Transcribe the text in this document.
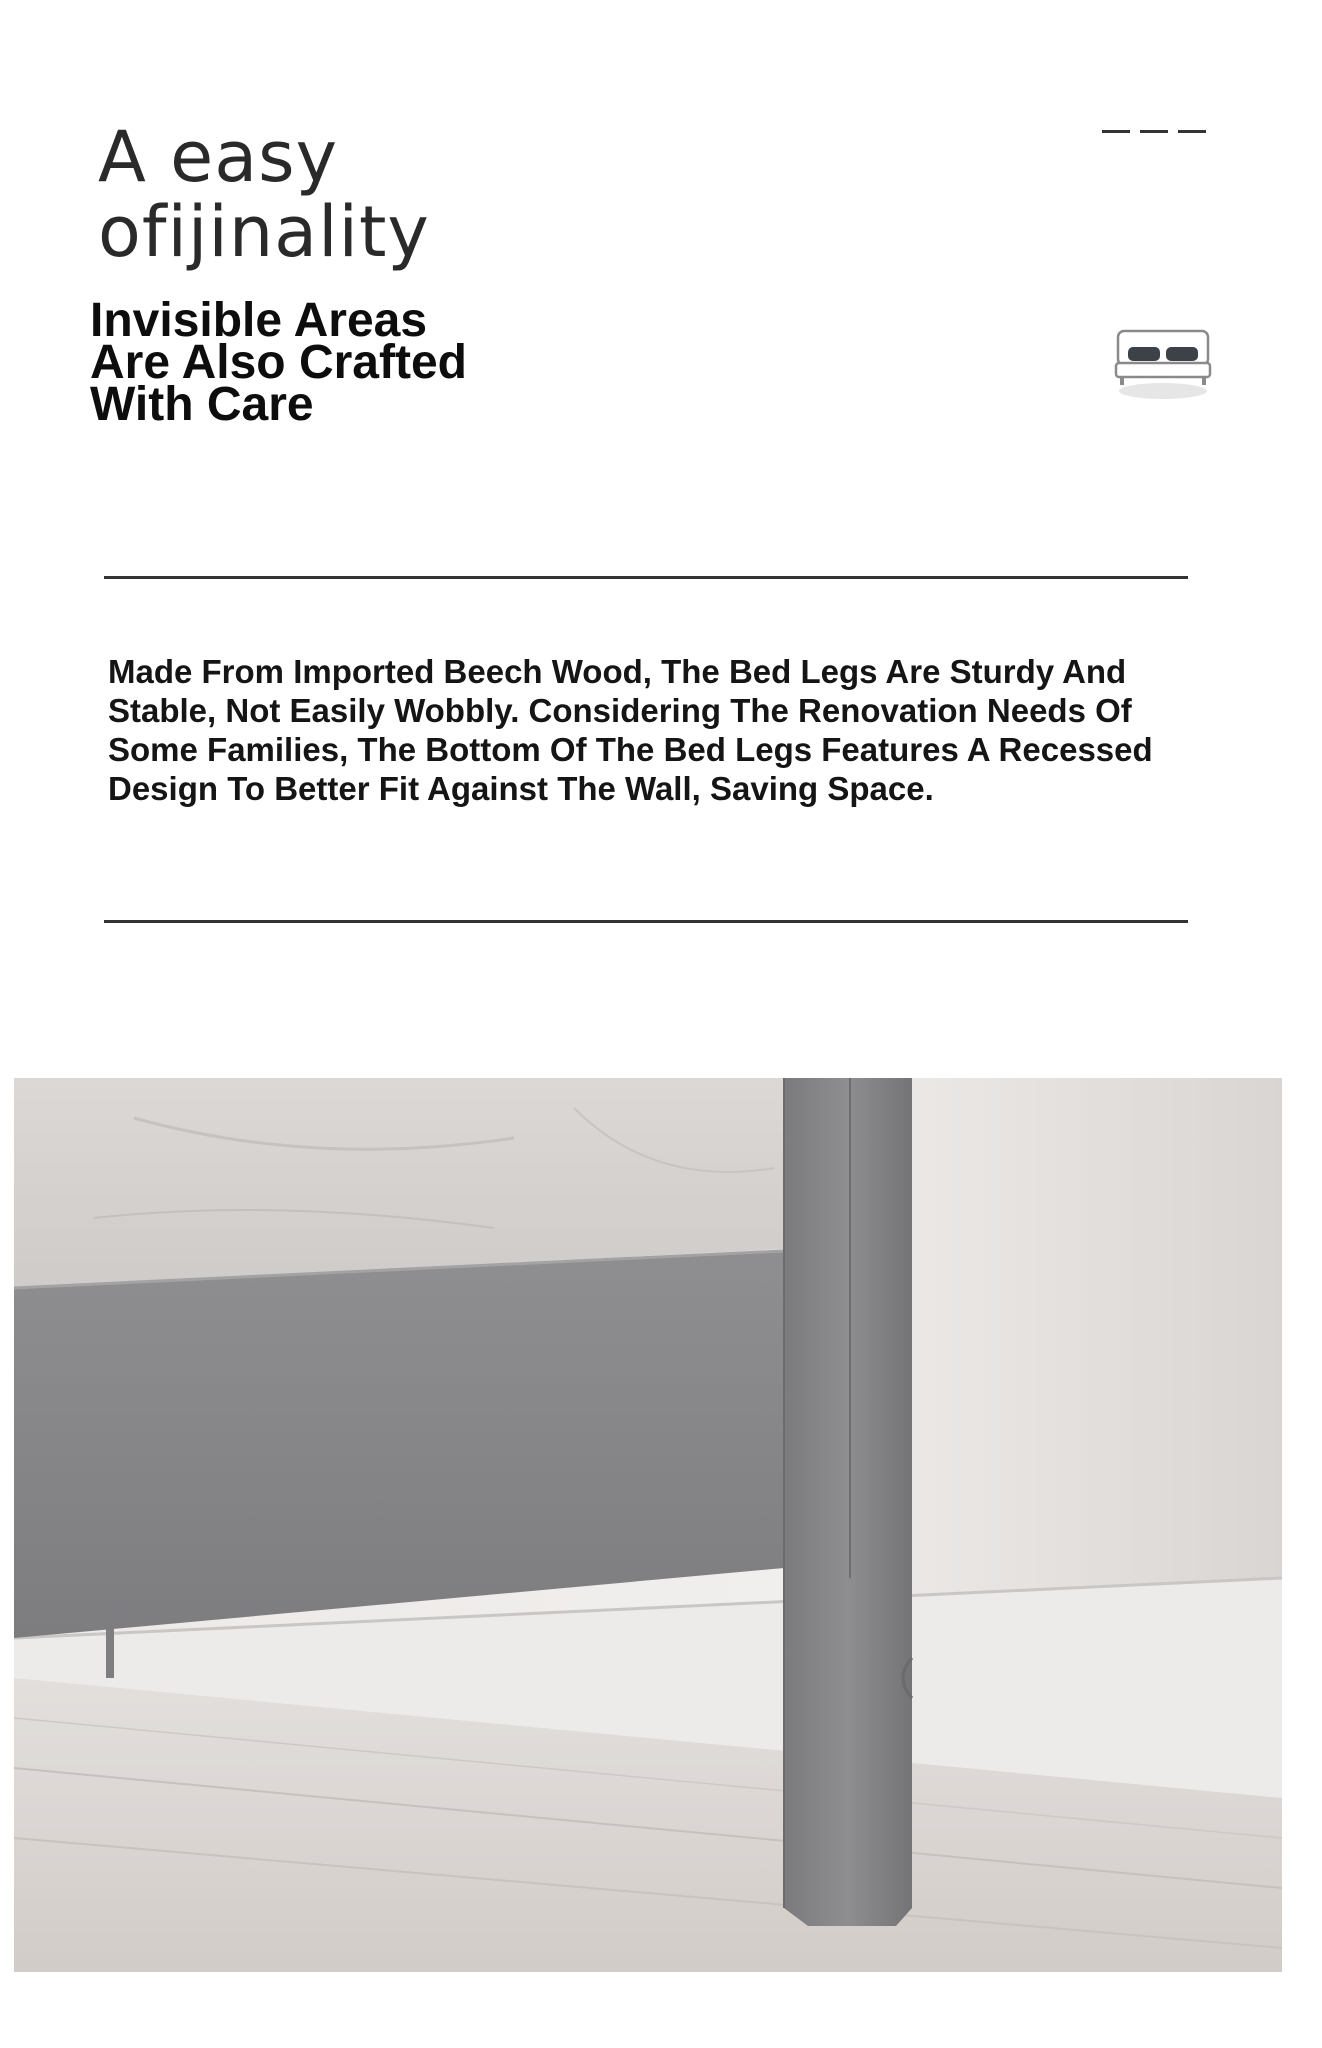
A easy
ofijinality
Invisible Areas Are Also Crafted With Care
Made From Imported Beech Wood, The Bed Legs Are Sturdy And Stable, Not Easily Wobbly. Considering The Renovation Needs Of Some Families, The Bottom Of The Bed Legs Features A Recessed Design To Better Fit Against The Wall, Saving Space.
